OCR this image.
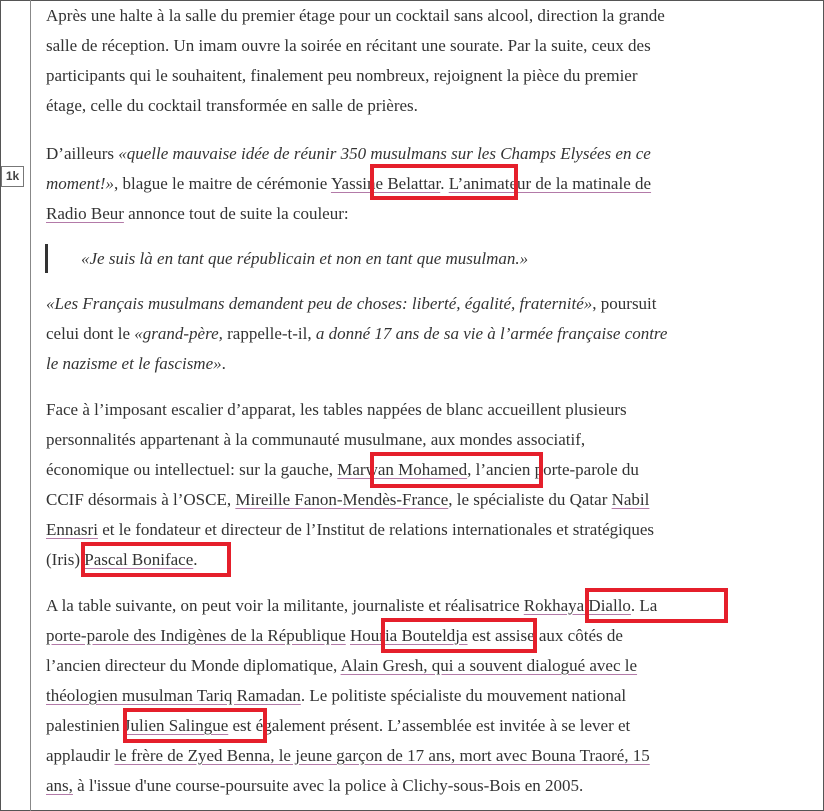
1k
Après une halte à la salle du premier étage pour un cocktail sans alcool, direction la grande
salle de réception. Un imam ouvre la soirée en récitant une sourate. Par la suite, ceux des
participants qui le souhaitent, finalement peu nombreux, rejoignent la pièce du premier
étage, celle du cocktail transformée en salle de prières.
D’ailleurs «quelle mauvaise idée de réunir 350 musulmans sur les Champs Elysées en ce
moment!», blague le maitre de cérémonie Yassine Belattar. L’animateur de la matinale de
Radio Beur annonce tout de suite la couleur:
«Je suis là en tant que républicain et non en tant que musulman.»
«Les Français musulmans demandent peu de choses: liberté, égalité, fraternité», poursuit
celui dont le «grand-père, rappelle-t-il, a donné 17 ans de sa vie à l’armée française contre
le nazisme et le fascisme».
Face à l’imposant escalier d’apparat, les tables nappées de blanc accueillent plusieurs
personnalités appartenant à la communauté musulmane, aux mondes associatif,
économique ou intellectuel: sur la gauche, Marwan Mohamed, l’ancien porte-parole du
CCIF désormais à l’OSCE, Mireille Fanon-Mendès-France, le spécialiste du Qatar Nabil
Ennasri et le fondateur et directeur de l’Institut de relations internationales et stratégiques
(Iris) Pascal Boniface.
A la table suivante, on peut voir la militante, journaliste et réalisatrice Rokhaya Diallo. La
porte-parole des Indigènes de la République Houria Bouteldja est assise aux côtés de
l’ancien directeur du Monde diplomatique, Alain Gresh, qui a souvent dialogué avec le
théologien musulman Tariq Ramadan. Le politiste spécialiste du mouvement national
palestinien Julien Salingue est également présent. L’assemblée est invitée à se lever et
applaudir le frère de Zyed Benna, le jeune garçon de 17 ans, mort avec Bouna Traoré, 15
ans, à l'issue d'une course-poursuite avec la police à Clichy-sous-Bois en 2005.
